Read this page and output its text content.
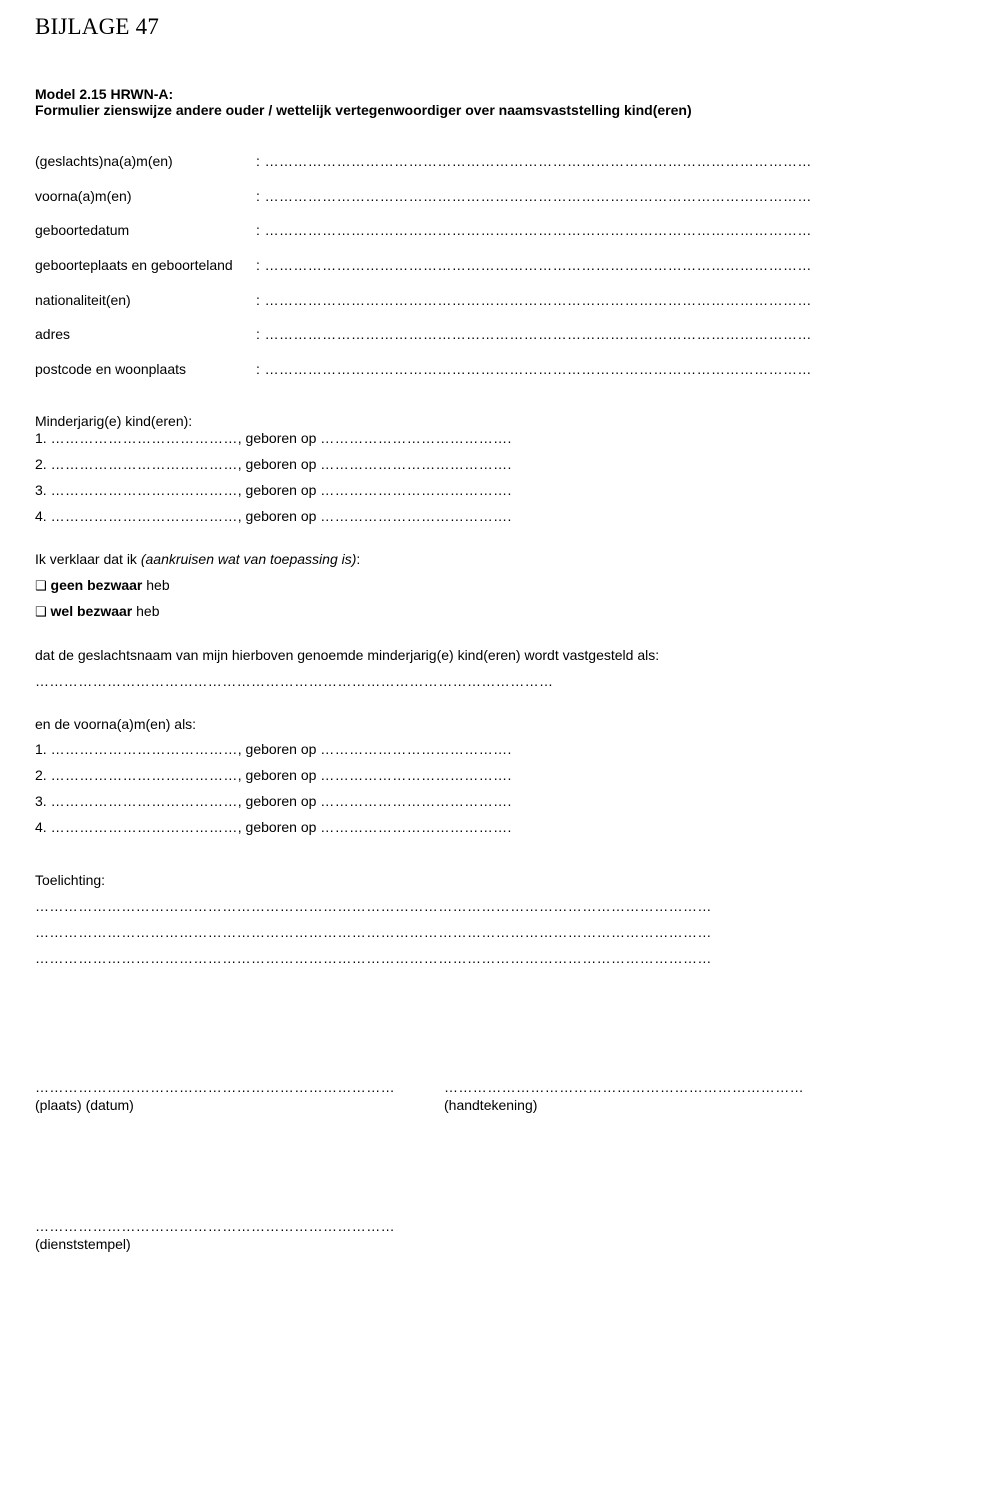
BIJLAGE 47
Model 2.15 HRWN-A:
Formulier zienswijze andere ouder / wettelijk vertegenwoordiger over naamsvaststelling kind(eren)
(geslachts)na(a)m(en)	: ……………………………………………………………………………………………………
voorna(a)m(en)	: ……………………………………………………………………………………………………
geboortedatum	: ……………………………………………………………………………………………………
geboorteplaats en geboorteland : ……………………………………………………………………………………………………
nationaliteit(en)	: ……………………………………………………………………………………………………
adres	: ……………………………………………………………………………………………………
postcode en woonplaats	: ……………………………………………………………………………………………………
Minderjarig(e) kind(eren):
1. …………………………………, geboren op ………………………………….
2. …………………………………, geboren op ………………………………….
3. …………………………………, geboren op ………………………………….
4. …………………………………, geboren op ………………………………….
Ik verklaar dat ik (aankruisen wat van toepassing is):
❑ geen bezwaar heb
❑ wel bezwaar heb
dat de geslachtsnaam van mijn hierboven genoemde minderjarig(e) kind(eren) wordt vastgesteld als:
………………………………………………………………………………………………
en de voorna(a)m(en) als:
1. …………………………………, geboren op ………………………………….
2. …………………………………, geboren op ………………………………….
3. …………………………………, geboren op ………………………………….
4. …………………………………, geboren op ………………………………….
Toelichting:
……………………………………………………………………………………………………………………………
……………………………………………………………………………………………………………………………
……………………………………………………………………………………………………………………………
…………………………………………………………………
(plaats) (datum)
…………………………………………………………………
(handtekening)
…………………………………………………………………
(dienststempel)
